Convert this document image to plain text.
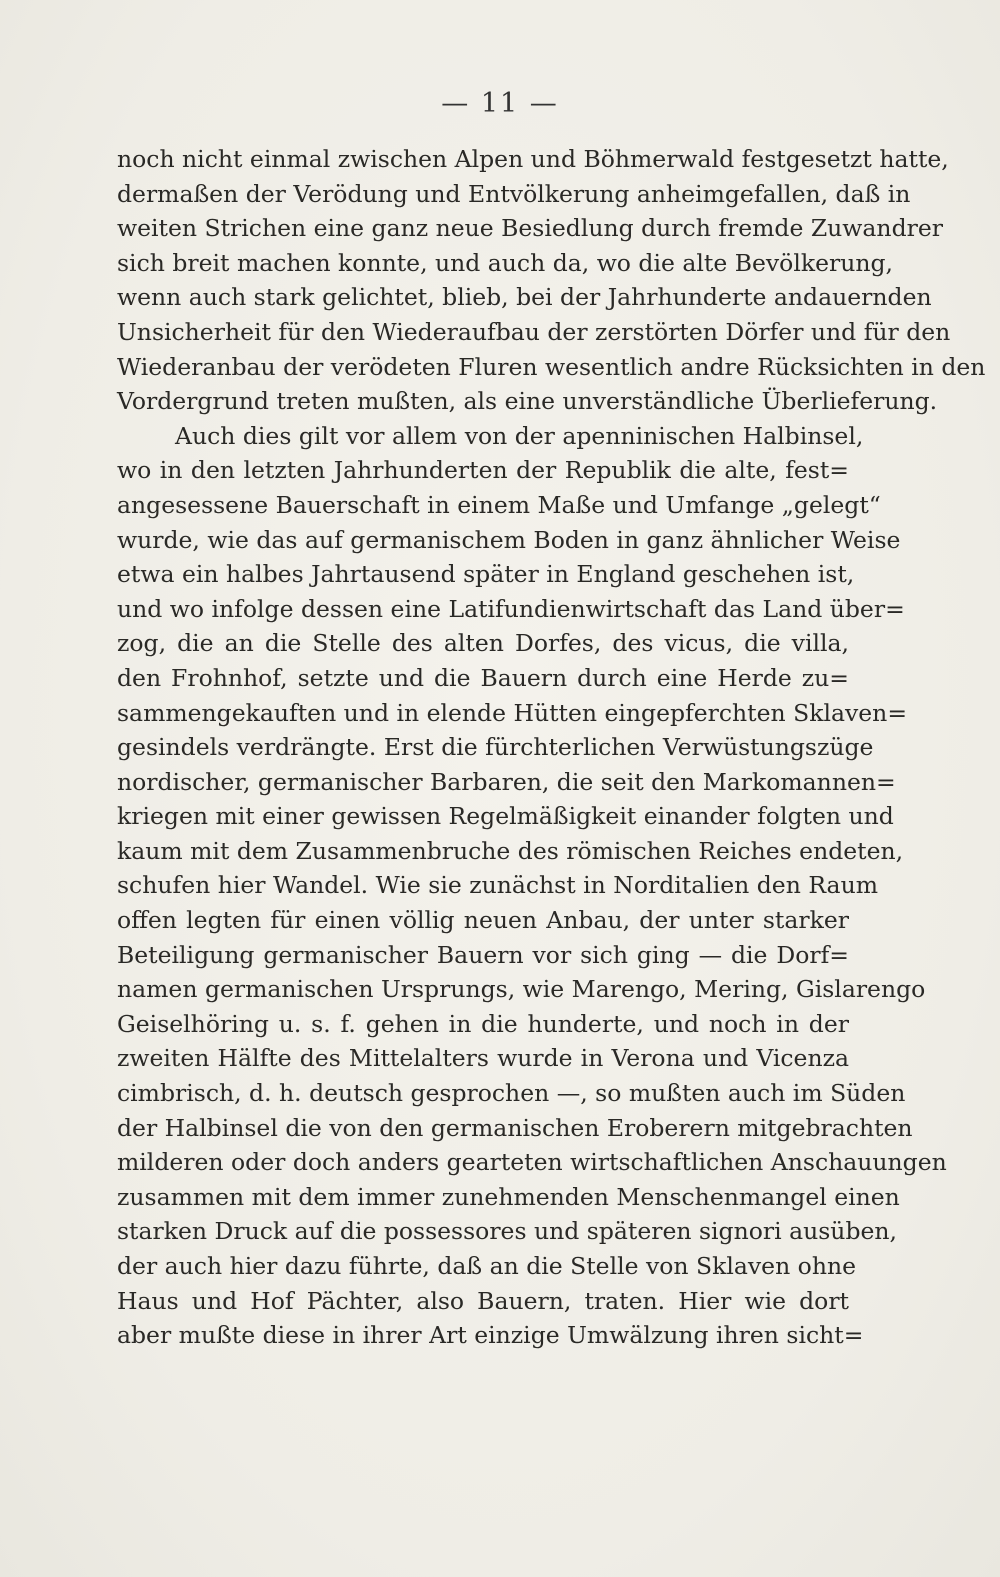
— 11 —
noch nicht einmal zwischen Alpen und Böhmerwald festgesetzt hatte,
dermaßen der Verödung und Entvölkerung anheimgefallen, daß in
weiten Strichen eine ganz neue Besiedlung durch fremde Zuwandrer
sich breit machen konnte, und auch da, wo die alte Bevölkerung,
wenn auch stark gelichtet, blieb, bei der Jahrhunderte andauernden
Unsicherheit für den Wiederaufbau der zerstörten Dörfer und für den
Wiederanbau der verödeten Fluren wesentlich andre Rücksichten in den
Vordergrund treten mußten, als eine unverständliche Überlieferung.
Auch dies gilt vor allem von der apenninischen Halbinsel,
wo in den letzten Jahrhunderten der Republik die alte, fest=
angesessene Bauerschaft in einem Maße und Umfange „gelegt“
wurde, wie das auf germanischem Boden in ganz ähnlicher Weise
etwa ein halbes Jahrtausend später in England geschehen ist,
und wo infolge dessen eine Latifundienwirtschaft das Land über=
zog, die an die Stelle des alten Dorfes, des vicus, die villa,
den Frohnhof, setzte und die Bauern durch eine Herde zu=
sammengekauften und in elende Hütten eingepferchten Sklaven=
gesindels verdrängte. Erst die fürchterlichen Verwüstungszüge
nordischer, germanischer Barbaren, die seit den Markomannen=
kriegen mit einer gewissen Regelmäßigkeit einander folgten und
kaum mit dem Zusammenbruche des römischen Reiches endeten,
schufen hier Wandel. Wie sie zunächst in Norditalien den Raum
offen legten für einen völlig neuen Anbau, der unter starker
Beteiligung germanischer Bauern vor sich ging — die Dorf=
namen germanischen Ursprungs, wie Marengo, Mering, Gislarengo
Geiselhöring u. s. f. gehen in die hunderte, und noch in der
zweiten Hälfte des Mittelalters wurde in Verona und Vicenza
cimbrisch, d. h. deutsch gesprochen —, so mußten auch im Süden
der Halbinsel die von den germanischen Eroberern mitgebrachten
milderen oder doch anders gearteten wirtschaftlichen Anschauungen
zusammen mit dem immer zunehmenden Menschenmangel einen
starken Druck auf die possessores und späteren signori ausüben,
der auch hier dazu führte, daß an die Stelle von Sklaven ohne
Haus und Hof Pächter, also Bauern, traten. Hier wie dort
aber mußte diese in ihrer Art einzige Umwälzung ihren sicht=
